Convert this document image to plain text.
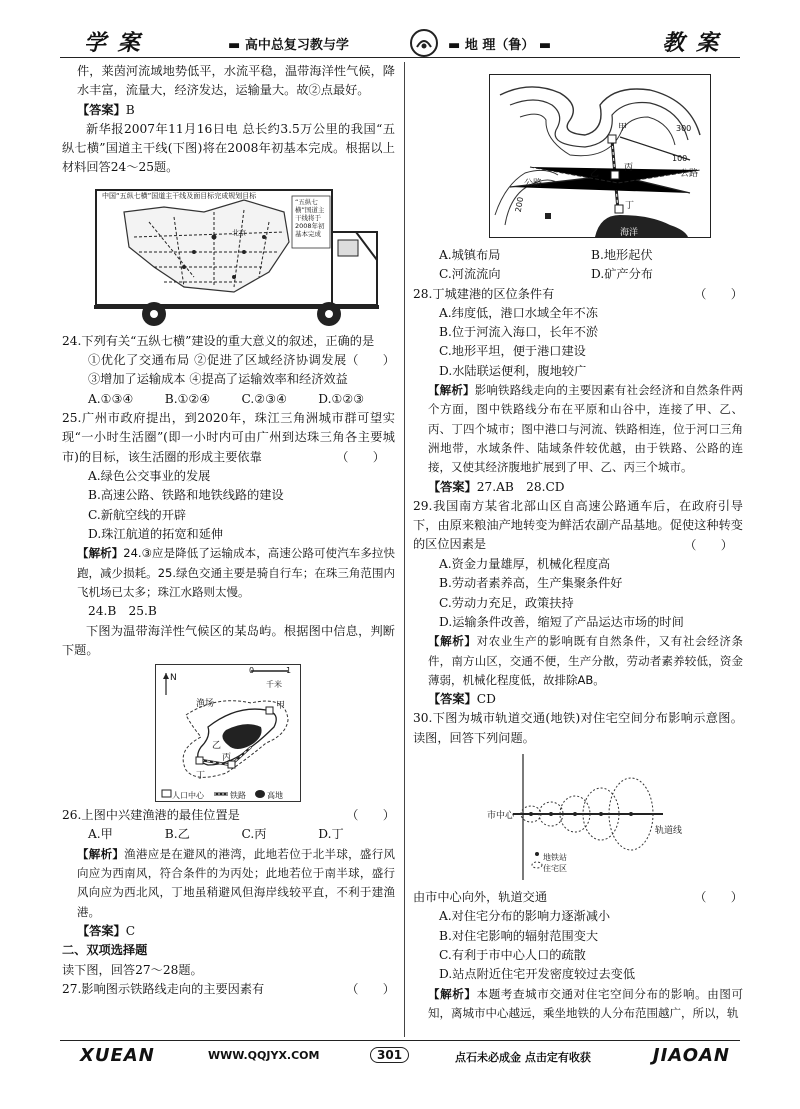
学 案	▬ 高中总复习教与学	▬ 地 理（鲁） ▬	教 案

件，莱茵河流域地势低平，水流平稳，温带海洋性气候，降水丰富，流量大，经济发达，运输量大。故②点最好。

【答案】B

新华报2007年11月16日电 总长约3.5万公里的我国“五纵七横”国道主干线(下图)将在2008年初基本完成。根据以上材料回答24～25题。

中国“五纵七横”国道主干线及面目标完成规划目标
“五纵七横”国道主干线将于2008年初基本完成
北京

24.下列有关“五纵七横”建设的重大意义的叙述，正确的是
（　　）

①优化了交通布局 ②促进了区域经济协调发展 ③增加了运输成本 ④提高了运输效率和经济效益

A.①③④	B.①②④	C.②③④	D.①②③

25.广州市政府提出，到2020年，珠江三角洲城市群可望实现“一小时生活圈”(即一小时内可由广州到达珠三角各主要城市)的目标，该生活圈的形成主要依靠	（　　）

A.绿色公交事业的发展

B.高速公路、铁路和地铁线路的建设

C.新航空线的开辟

D.珠江航道的拓宽和延伸

【解析】24.③应是降低了运输成本，高速公路可使汽车多拉快跑，减少损耗。25.绿色交通主要是骑自行车；在珠三角范围内飞机场已太多；珠江水路则太慢。

24.B　25.B

下图为温带海洋性气候区的某岛屿。根据图中信息，判断下题。

N
0	1
千米
渔场	甲
乙
丙
丁
人口中心	铁路	高地

26.上图中兴建渔港的最佳位置是	（　　）

A.甲	B.乙	C.丙	D.丁

【解析】渔港应是在避风的港湾，此地若位于北半球，盛行风向应为西南风，符合条件的为丙处；此地若位于南半球，盛行风向应为西北风，丁地虽稍避风但海岸线较平直，不利于建渔港。

【答案】C

二、双项选择题

读下图，回答27～28题。

27.影响图示铁路线走向的主要因素有	（　　）

300
100
200
公路
公路
甲
乙
丙
丁
海洋
A.城镇布局	B.地形起伏
C.河流流向	D.矿产分布

28.丁城建港的区位条件有	（　　）

A.纬度低，港口水域全年不冻

B.位于河流入海口，长年不淤

C.地形平坦，便于港口建设

D.水陆联运便利，腹地较广

【解析】影响铁路线走向的主要因素有社会经济和自然条件两个方面，图中铁路线分布在平原和山谷中，连接了甲、乙、丙、丁四个城市；图中港口与河流、铁路相连，位于河口三角洲地带，水域条件、陆域条件较优越，由于铁路、公路的连接，又使其经济腹地扩展到了甲、乙、丙三个城市。

【答案】27.AB　28.CD

29.我国南方某省北部山区自高速公路通车后，在政府引导下，由原来粮油产地转变为鲜活农副产品基地。促使这种转变的区位因素是	（　　）

A.资金力量雄厚，机械化程度高

B.劳动者素养高，生产集聚条件好

C.劳动力充足，政策扶持

D.运输条件改善，缩短了产品运达市场的时间

【解析】对农业生产的影响既有自然条件，又有社会经济条件，南方山区，交通不便，生产分散，劳动者素养较低，资金薄弱，机械化程度低，故排除AB。

【答案】CD

30.下图为城市轨道交通(地铁)对住宅空间分布影响示意图。读图，回答下列问题。

市中心
轨道线
地铁站
住宅区

由市中心向外，轨道交通	（　　）

A.对住宅分布的影响力逐渐减小

B.对住宅影响的辐射范围变大

C.有利于市中心人口的疏散

D.站点附近住宅开发密度较过去变低

【解析】本题考查城市交通对住宅空间分布的影响。由图可知，离城市中心越远，乘坐地铁的人分布范围越广，所以，轨

XUEAN	WWW.QQJYX.COM	301	点石未必成金 点击定有收获	JIAOAN
